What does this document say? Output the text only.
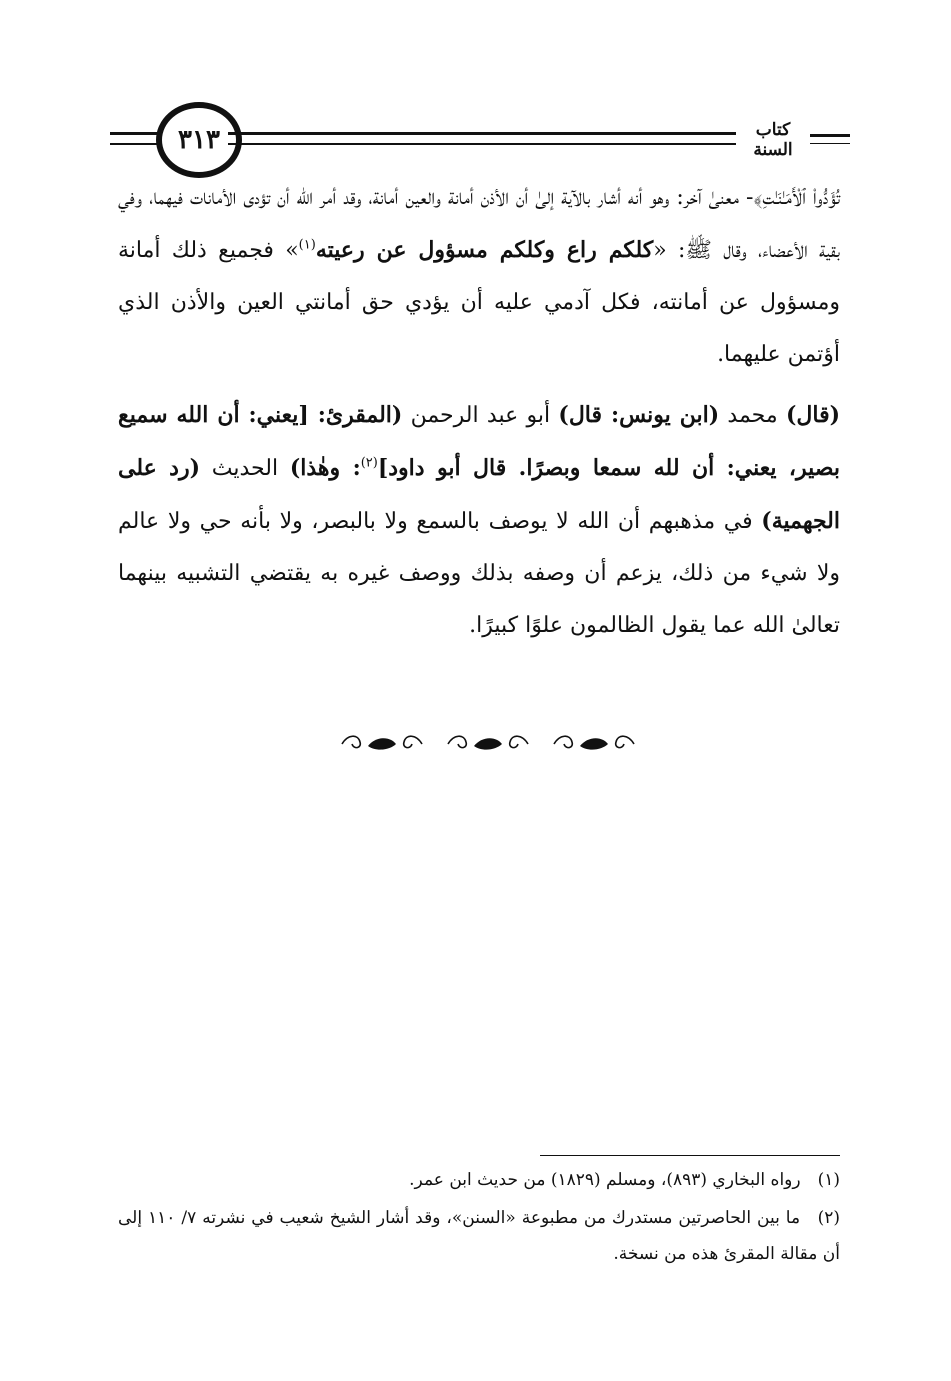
٣١٣	كتاب السنة

تُؤَدُّوا۟ ٱلْأَمَـٰنَـٰتِ﴾- معنىٰ آخر: وهو أنه أشار بالآية إلىٰ أن الأذن أمانة والعين أمانة، وقد أمر الله أن تؤدى الأمانات فيهما، وفي بقية الأعضاء، وقال ﷺ: «كلكم راع وكلكم مسؤول عن رعيته$^{(١)}$» فجميع ذلك أمانة ومسؤول عن أمانته، فكل آدمي عليه أن يؤدي حق أمانتي العين والأذن الذي أؤتمن عليهما.

(قال) محمد (ابن يونس: قال) أبو عبد الرحمن (المقرئ: [يعني: أن الله سميع بصير، يعني: أن لله سمعا وبصرًا. قال أبو داود]$^{(٢)}$: وهٰذا) الحديث (رد على الجهمية) في مذهبهم أن الله لا يوصف بالسمع ولا بالبصر، ولا بأنه حي ولا عالم ولا شيء من ذلك، يزعم أن وصفه بذلك ووصف غيره به يقتضي التشبيه بينهما تعالىٰ الله عما يقول الظالمون علوًا كبيرًا.

(١) رواه البخاري (٨٩٣)، ومسلم (١٨٢٩) من حديث ابن عمر.
(٢) ما بين الحاصرتين مستدرك من مطبوعة «السنن»، وقد أشار الشيخ شعيب في نشرته ٧/ ١١٠ إلى أن مقالة المقرئ هذه من نسخة.
